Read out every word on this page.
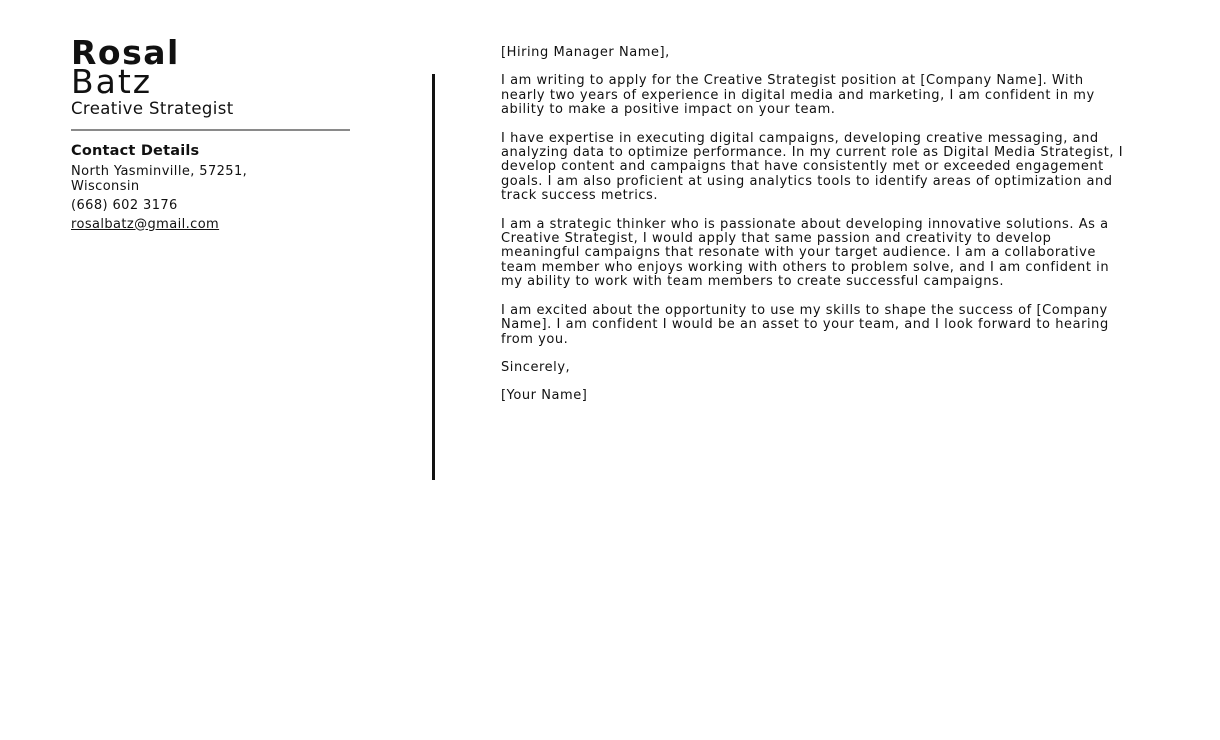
Rosal
Batz
Creative Strategist
Contact Details
North Yasminville, 57251,
Wisconsin
(668) 602 3176
rosalbatz@gmail.com

[Hiring Manager Name],

I am writing to apply for the Creative Strategist position at [Company Name]. With nearly two years of experience in digital media and marketing, I am confident in my ability to make a positive impact on your team.

I have expertise in executing digital campaigns, developing creative messaging, and analyzing data to optimize performance. In my current role as Digital Media Strategist, I develop content and campaigns that have consistently met or exceeded engagement goals. I am also proficient at using analytics tools to identify areas of optimization and track success metrics.

I am a strategic thinker who is passionate about developing innovative solutions. As a Creative Strategist, I would apply that same passion and creativity to develop meaningful campaigns that resonate with your target audience. I am a collaborative team member who enjoys working with others to problem solve, and I am confident in my ability to work with team members to create successful campaigns.

I am excited about the opportunity to use my skills to shape the success of [Company Name]. I am confident I would be an asset to your team, and I look forward to hearing from you.

Sincerely,

[Your Name]
